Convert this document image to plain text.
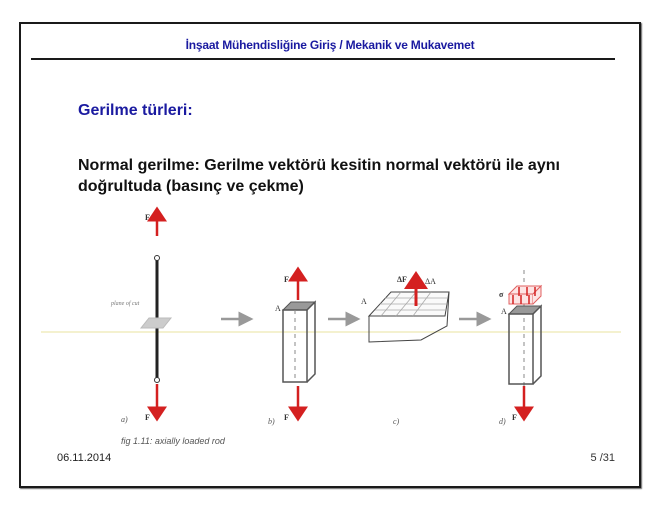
İnşaat Mühendisliğine Giriş / Mekanik ve Mukavemet
Gerilme türleri:
Normal gerilme: Gerilme vektörü kesitin normal vektörü ile aynı doğrultuda (basınç ve çekme)
F
F
plane of cut
a)
F
A
F
b)
ΔF ΔA
A
c)
σ
A
F
d)
fig 1.11: axially loaded rod
06.11.2014	5 /31
